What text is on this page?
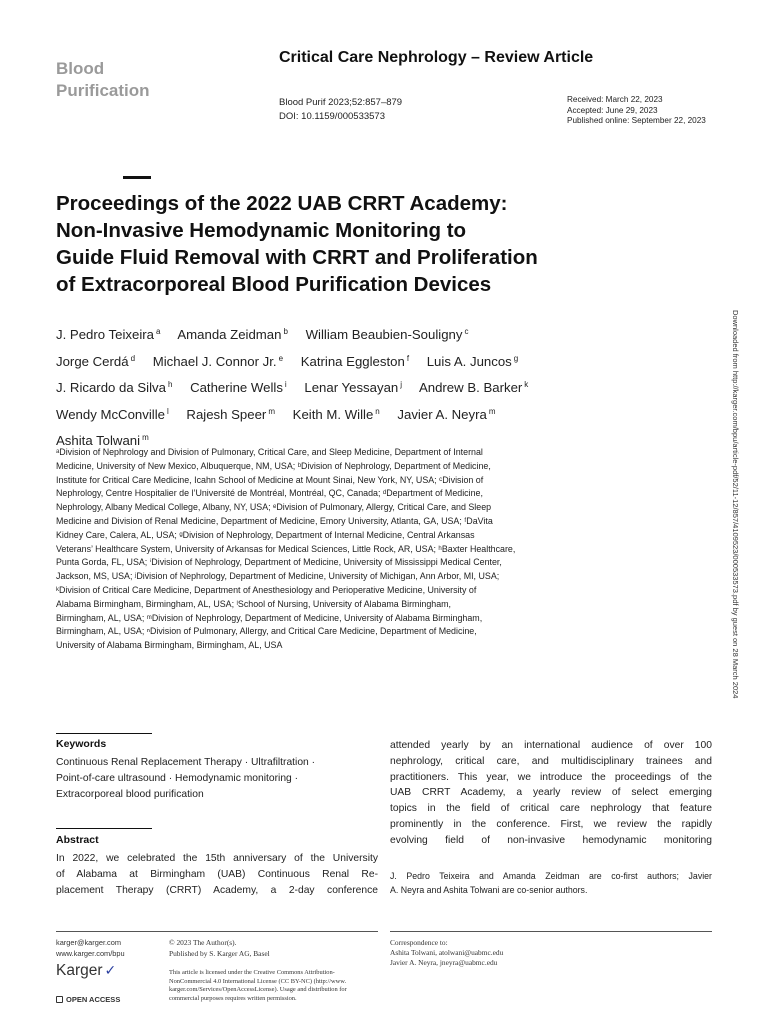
Blood
Purification
Critical Care Nephrology – Review Article
Blood Purif 2023;52:857–879
DOI: 10.1159/000533573
Received: March 22, 2023
Accepted: June 29, 2023
Published online: September 22, 2023
Proceedings of the 2022 UAB CRRT Academy:
Non-Invasive Hemodynamic Monitoring to
Guide Fluid Removal with CRRT and Proliferation
of Extracorporeal Blood Purification Devices
J. Pedro Teixeira $^a$ Amanda Zeidman $^b$ William Beaubien-Souligny $^c$
Jorge Cerdá $^d$ Michael J. Connor Jr. $^e$ Katrina Eggleston $^f$ Luis A. Juncos $^g$
J. Ricardo da Silva $^h$ Catherine Wells $^i$ Lenar Yessayan $^j$ Andrew B. Barker $^k$
Wendy McConville $^l$ Rajesh Speer $^m$ Keith M. Wille $^n$ Javier A. Neyra $^m$
Ashita Tolwani $^m$
ᵃDivision of Nephrology and Division of Pulmonary, Critical Care, and Sleep Medicine, Department of Internal
Medicine, University of New Mexico, Albuquerque, NM, USA; ᵇDivision of Nephrology, Department of Medicine,
Institute for Critical Care Medicine, Icahn School of Medicine at Mount Sinai, New York, NY, USA; ᶜDivision of
Nephrology, Centre Hospitalier de l’Université de Montréal, Montréal, QC, Canada; ᵈDepartment of Medicine,
Nephrology, Albany Medical College, Albany, NY, USA; ᵉDivision of Pulmonary, Allergy, Critical Care, and Sleep
Medicine and Division of Renal Medicine, Department of Medicine, Emory University, Atlanta, GA, USA; ᶠDaVita
Kidney Care, Calera, AL, USA; ᵍDivision of Nephrology, Department of Internal Medicine, Central Arkansas
Veterans’ Healthcare System, University of Arkansas for Medical Sciences, Little Rock, AR, USA; ʰBaxter Healthcare,
Punta Gorda, FL, USA; ⁱDivision of Nephrology, Department of Medicine, University of Mississippi Medical Center,
Jackson, MS, USA; ʲDivision of Nephrology, Department of Medicine, University of Michigan, Ann Arbor, MI, USA;
ᵏDivision of Critical Care Medicine, Department of Anesthesiology and Perioperative Medicine, University of
Alabama Birmingham, Birmingham, AL, USA; ˡSchool of Nursing, University of Alabama Birmingham,
Birmingham, AL, USA; ᵐDivision of Nephrology, Department of Medicine, University of Alabama Birmingham,
Birmingham, AL, USA; ⁿDivision of Pulmonary, Allergy, and Critical Care Medicine, Department of Medicine,
University of Alabama Birmingham, Birmingham, AL, USA	Downloaded from http://karger.com/bpu/article-pdf/52/11-12/857/4109523/000533573.pdf by guest on 28 March 2024
Keywords
Continuous Renal Replacement Therapy · Ultrafiltration ·
Point-of-care ultrasound · Hemodynamic monitoring ·
Extracorporeal blood purification
Abstract
In 2022, we celebrated the 15th anniversary of the University
of Alabama at Birmingham (UAB) Continuous Renal Re-
placement Therapy (CRRT) Academy, a 2-day conference
attended yearly by an international audience of over 100
nephrology, critical care, and multidisciplinary trainees and
practitioners. This year, we introduce the proceedings of the
UAB CRRT Academy, a yearly review of select emerging
topics in the field of critical care nephrology that feature
prominently in the conference. First, we review the rapidly
evolving field of non-invasive hemodynamic monitoring
J. Pedro Teixeira and Amanda Zeidman are co-first authors; Javier
A. Neyra and Ashita Tolwani are co-senior authors.
karger@karger.com
www.karger.com/bpu
Karger ✓
OPEN ACCESS
© 2023 The Author(s).
Published by S. Karger AG, Basel
This article is licensed under the Creative Commons Attribution-
NonCommercial 4.0 International License (CC BY-NC) (http://www.
karger.com/Services/OpenAccessLicense). Usage and distribution for
commercial purposes requires written permission.
Correspondence to:
Ashita Tolwani, atolwani@uabmc.edu
Javier A. Neyra, jneyra@uabmc.edu
